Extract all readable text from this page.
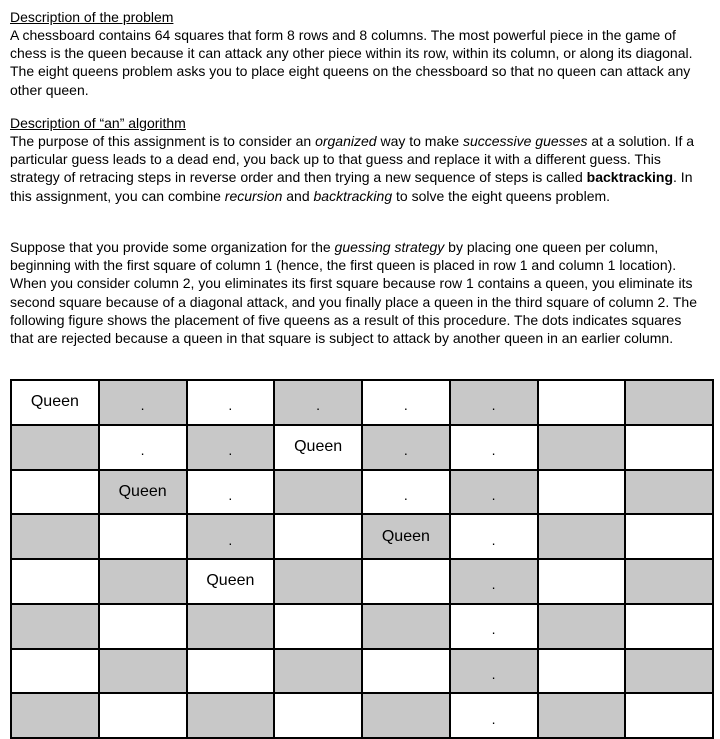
Description of the problem

A chessboard contains 64 squares that form 8 rows and 8 columns. The most powerful piece in the game of chess is the queen because it can attack any other piece within its row, within its column, or along its diagonal. The eight queens problem asks you to place eight queens on the chessboard so that no queen can attack any other queen.

Description of “an” algorithm

The purpose of this assignment is to consider an organized way to make successive guesses at a solution. If a particular guess leads to a dead end, you back up to that guess and replace it with a different guess. This strategy of retracing steps in reverse order and then trying a new sequence of steps is called backtracking. In this assignment, you can combine recursion and backtracking to solve the eight queens problem.

Suppose that you provide some organization for the guessing strategy by placing one queen per column, beginning with the first square of column 1 (hence, the first queen is placed in row 1 and column 1 location). When you consider column 2, you eliminates its first square because row 1 contains a queen, you eliminate its second square because of a diagonal attack, and you finally place a queen in the third square of column 2. The following figure shows the placement of five queens as a result of this procedure. The dots indicates squares that are rejected because a queen in that square is subject to attack by another queen in an earlier column.

Queen	.	.	.	.	.		
	.	.	Queen	.	.		
	Queen	.		.	.		
		.		Queen	.		
		Queen			.		
					.		
					.		
					.		
